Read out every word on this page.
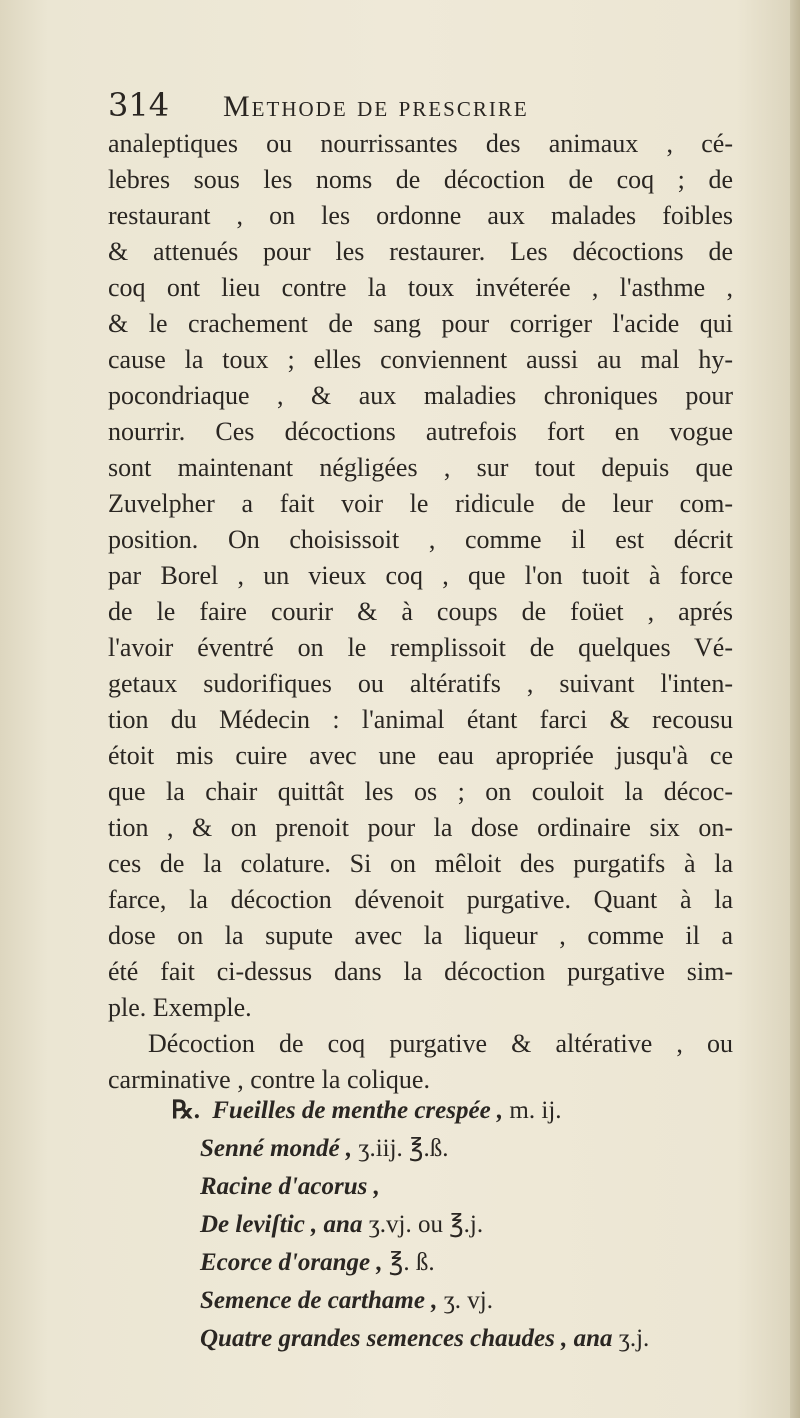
314	Methode de prescrire
analeptiques ou nourrissantes des animaux , cé-
lebres sous les noms de décoction de coq ; de
restaurant , on les ordonne aux malades foibles
& attenués pour les restaurer. Les décoctions de
coq ont lieu contre la toux invéterée , l'asthme ,
& le crachement de sang pour corriger l'acide qui
cause la toux ; elles conviennent aussi au mal hy-
pocondriaque , & aux maladies chroniques pour
nourrir. Ces décoctions autrefois fort en vogue
sont maintenant négligées , sur tout depuis que
Zuvelpher a fait voir le ridicule de leur com-
position. On choisissoit , comme il est décrit
par Borel , un vieux coq , que l'on tuoit à force
de le faire courir & à coups de foüet , aprés
l'avoir éventré on le remplissoit de quelques Vé-
getaux sudorifiques ou altératifs , suivant l'inten-
tion du Médecin : l'animal étant farci & recousu
étoit mis cuire avec une eau apropriée jusqu'à ce
que la chair quittât les os ; on couloit la décoc-
tion , & on prenoit pour la dose ordinaire six on-
ces de la colature. Si on mêloit des purgatifs à la
farce, la décoction dévenoit purgative. Quant à la
dose on la supute avec la liqueur , comme il a
été fait ci-dessus dans la décoction purgative sim-
ple. Exemple.
Décoction de coq purgative & altérative , ou
carminative , contre la colique.
℞. Fueilles de menthe crespée , m. ij.
Senné mondé , ʒ.iij. ℥.ß.
Racine d'acorus ,
De leviſtic , ana ʒ.vj. ou ℥.j.
Ecorce d'orange , ℥. ß.
Semence de carthame , ʒ. vj.
Quatre grandes semences chaudes , ana ʒ.j.
